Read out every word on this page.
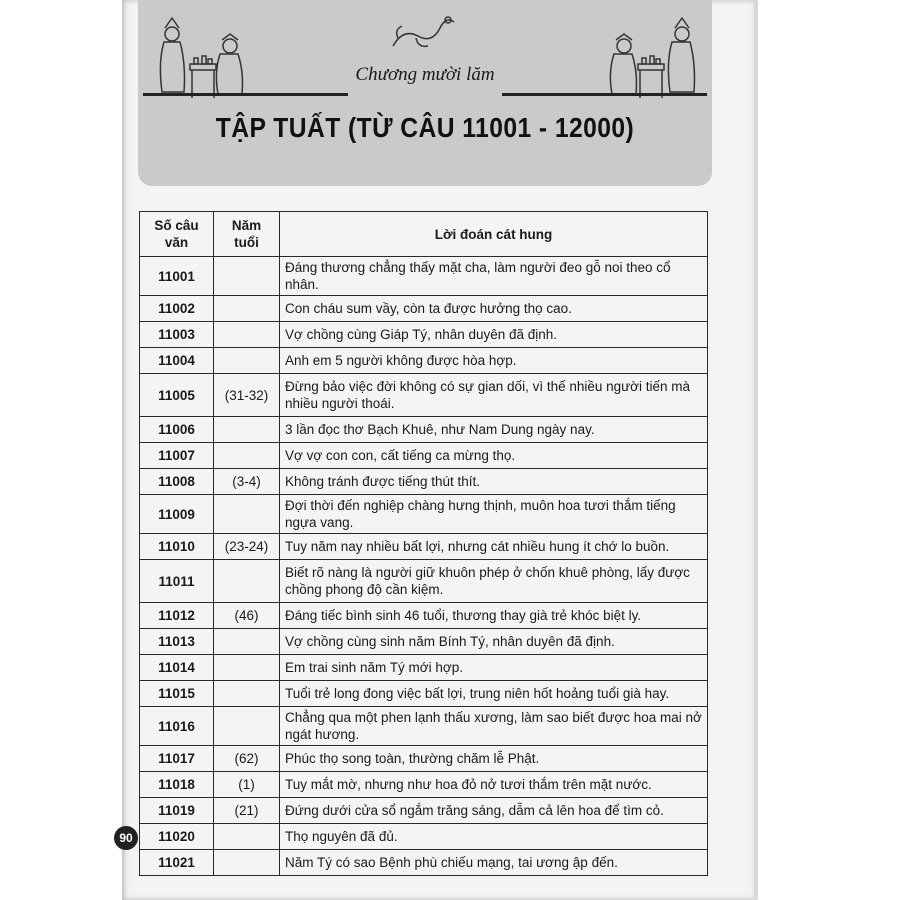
Chương mười lăm
TẬP TUẤT (TỪ CÂU 11001 - 12000)
Số câu văn	Năm tuổi	Lời đoán cát hung
11001		Đáng thương chẳng thấy mặt cha, làm người đeo gỗ noi theo cổ nhân.
11002		Con cháu sum vầy, còn ta được hưởng thọ cao.
11003		Vợ chồng cùng Giáp Tý, nhân duyên đã định.
11004		Anh em 5 người không được hòa hợp.
11005	(31-32)	Đừng bảo việc đời không có sự gian dối, vì thế nhiều người tiến mà nhiều người thoái.
11006		3 lần đọc thơ Bạch Khuê, như Nam Dung ngày nay.
11007		Vợ vợ con con, cất tiếng ca mừng thọ.
11008	(3-4)	Không tránh được tiếng thút thít.
11009		Đợi thời đến nghiệp chàng hưng thịnh, muôn hoa tươi thắm tiếng ngựa vang.
11010	(23-24)	Tuy năm nay nhiều bất lợi, nhưng cát nhiều hung ít chớ lo buồn.
11011		Biết rõ nàng là người giữ khuôn phép ở chốn khuê phòng, lấy được chồng phong độ cần kiệm.
11012	(46)	Đáng tiếc bình sinh 46 tuổi, thương thay già trẻ khóc biệt ly.
11013		Vợ chồng cùng sinh năm Bính Tý, nhân duyên đã định.
11014		Em trai sinh năm Tý mới hợp.
11015		Tuổi trẻ long đong việc bất lợi, trung niên hốt hoảng tuổi già hay.
11016		Chẳng qua một phen lạnh thấu xương, làm sao biết được hoa mai nở ngát hương.
11017	(62)	Phúc thọ song toàn, thường chăm lễ Phật.
11018	(1)	Tuy mắt mờ, nhưng như hoa đỏ nở tươi thắm trên mặt nước.
11019	(21)	Đứng dưới cửa sổ ngắm trăng sáng, dẫm cả lên hoa để tìm cỏ.
11020		Thọ nguyên đã đủ.
11021		Năm Tý có sao Bệnh phù chiếu mạng, tai ương ập đến.
90
